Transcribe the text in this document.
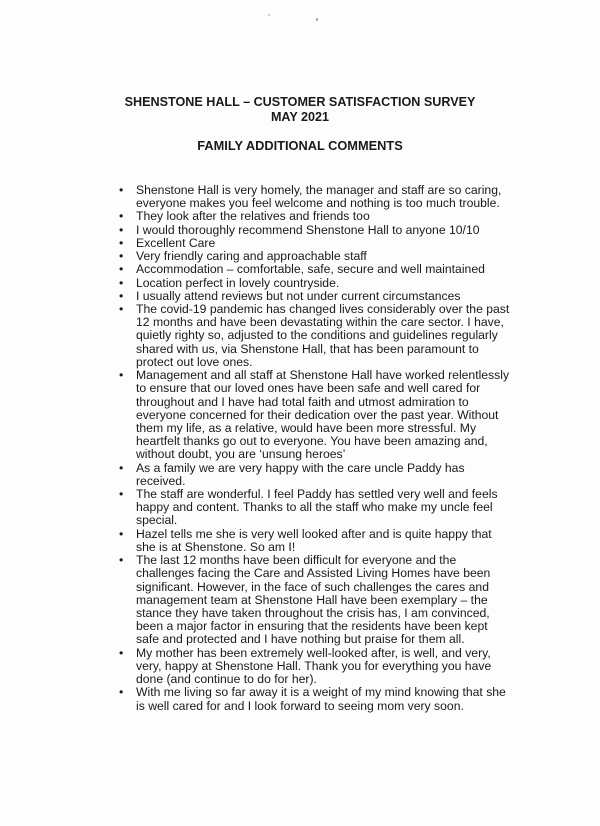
SHENSTONE HALL – CUSTOMER SATISFACTION SURVEY
MAY 2021
FAMILY ADDITIONAL COMMENTS
• Shenstone Hall is very homely, the manager and staff are so caring,
everyone makes you feel welcome and nothing is too much trouble.
• They look after the relatives and friends too
• I would thoroughly recommend Shenstone Hall to anyone 10/10
• Excellent Care
• Very friendly caring and approachable staff
• Accommodation – comfortable, safe, secure and well maintained
• Location perfect in lovely countryside.
• I usually attend reviews but not under current circumstances
• The covid-19 pandemic has changed lives considerably over the past
12 months and have been devastating within the care sector. I have,
quietly righty so, adjusted to the conditions and guidelines regularly
shared with us, via Shenstone Hall, that has been paramount to
protect out love ones.
• Management and all staff at Shenstone Hall have worked relentlessly
to ensure that our loved ones have been safe and well cared for
throughout and I have had total faith and utmost admiration to
everyone concerned for their dedication over the past year. Without
them my life, as a relative, would have been more stressful. My
heartfelt thanks go out to everyone. You have been amazing and,
without doubt, you are ‘unsung heroes’
• As a family we are very happy with the care uncle Paddy has
received.
• The staff are wonderful. I feel Paddy has settled very well and feels
happy and content. Thanks to all the staff who make my uncle feel
special.
• Hazel tells me she is very well looked after and is quite happy that
she is at Shenstone. So am I!
• The last 12 months have been difficult for everyone and the
challenges facing the Care and Assisted Living Homes have been
significant. However, in the face of such challenges the cares and
management team at Shenstone Hall have been exemplary – the
stance they have taken throughout the crisis has, I am convinced,
been a major factor in ensuring that the residents have been kept
safe and protected and I have nothing but praise for them all.
• My mother has been extremely well-looked after, is well, and very,
very, happy at Shenstone Hall. Thank you for everything you have
done (and continue to do for her).
• With me living so far away it is a weight of my mind knowing that she
is well cared for and I look forward to seeing mom very soon.
